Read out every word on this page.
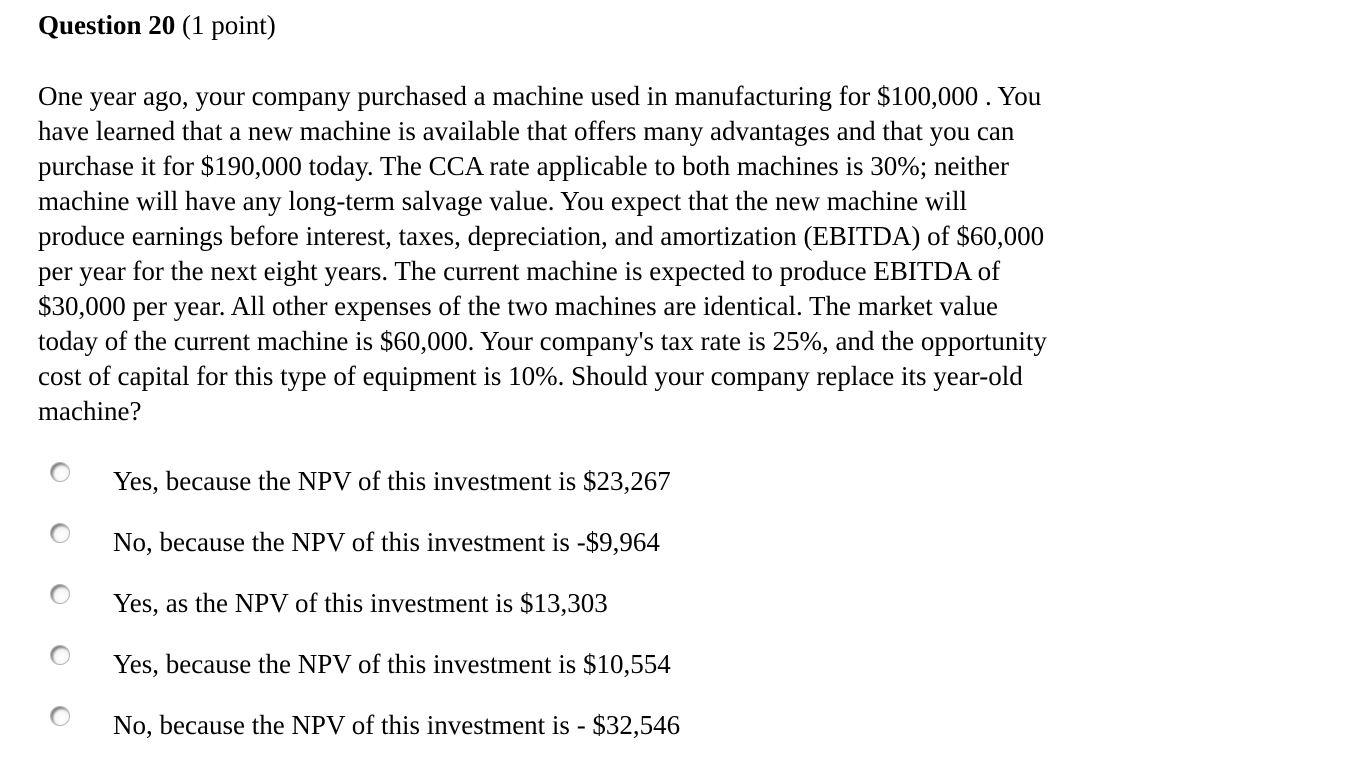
Question 20 (1 point)
One year ago, your company purchased a machine used in manufacturing for $100,000 . You
have learned that a new machine is available that offers many advantages and that you can
purchase it for $190,000 today. The CCA rate applicable to both machines is 30%; neither
machine will have any long-term salvage value. You expect that the new machine will
produce earnings before interest, taxes, depreciation, and amortization (EBITDA) of $60,000
per year for the next eight years. The current machine is expected to produce EBITDA of
$30,000 per year. All other expenses of the two machines are identical. The market value
today of the current machine is $60,000. Your company's tax rate is 25%, and the opportunity
cost of capital for this type of equipment is 10%. Should your company replace its year-old
machine?
Yes, because the NPV of this investment is $23,267
No, because the NPV of this investment is -$9,964
Yes, as the NPV of this investment is $13,303
Yes, because the NPV of this investment is $10,554
No, because the NPV of this investment is - $32,546
